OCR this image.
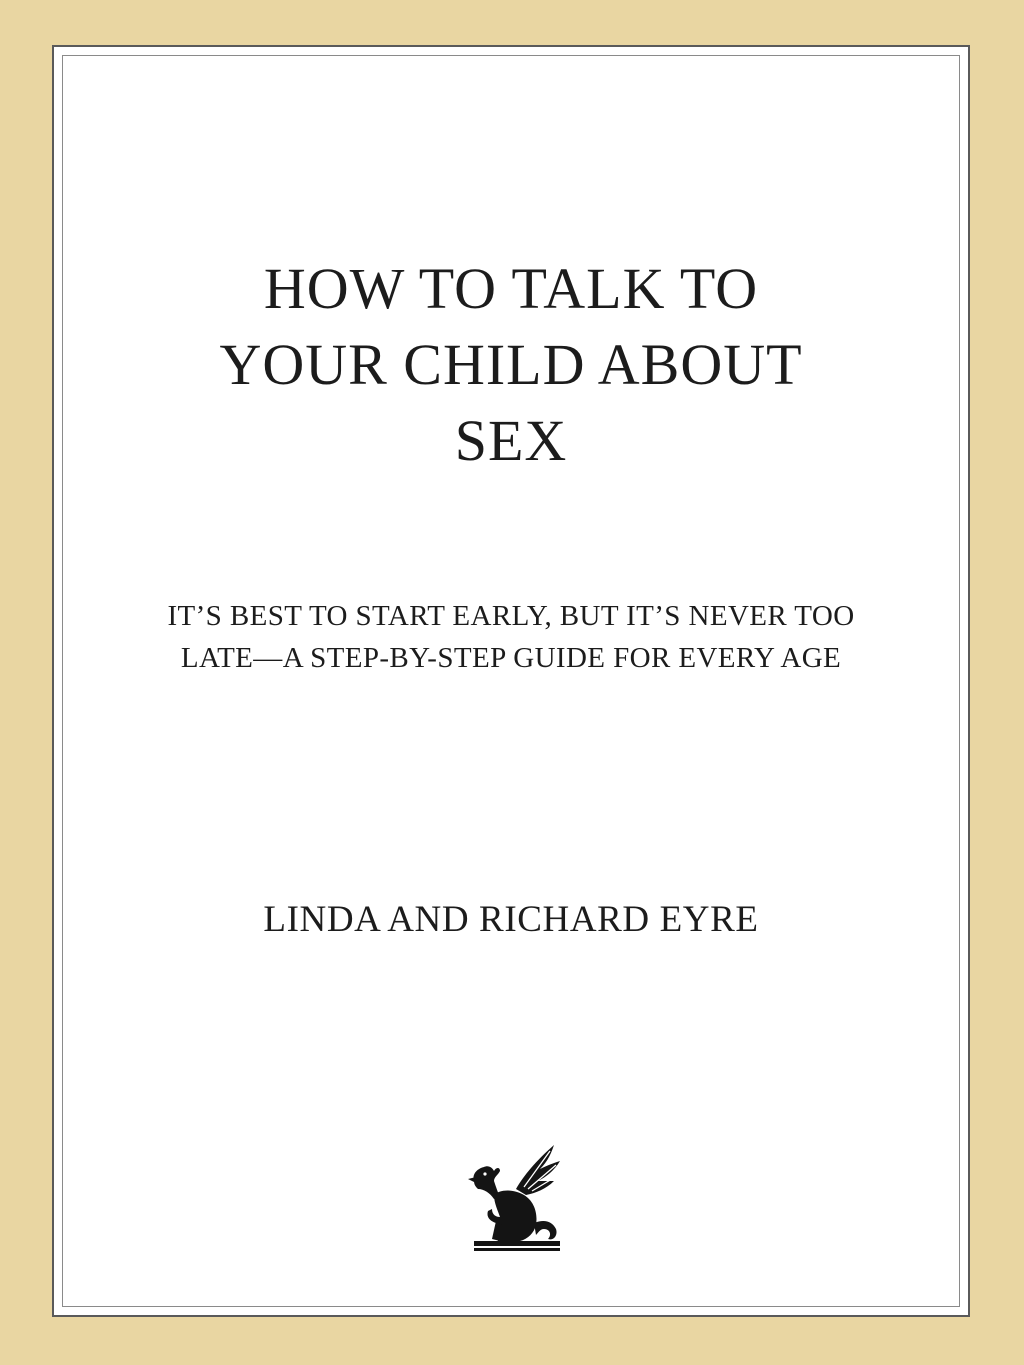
HOW TO TALK TO
YOUR CHILD ABOUT
SEX

IT’S BEST TO START EARLY, BUT IT’S NEVER TOO
LATE—A STEP-BY-STEP GUIDE FOR EVERY AGE

LINDA AND RICHARD EYRE
